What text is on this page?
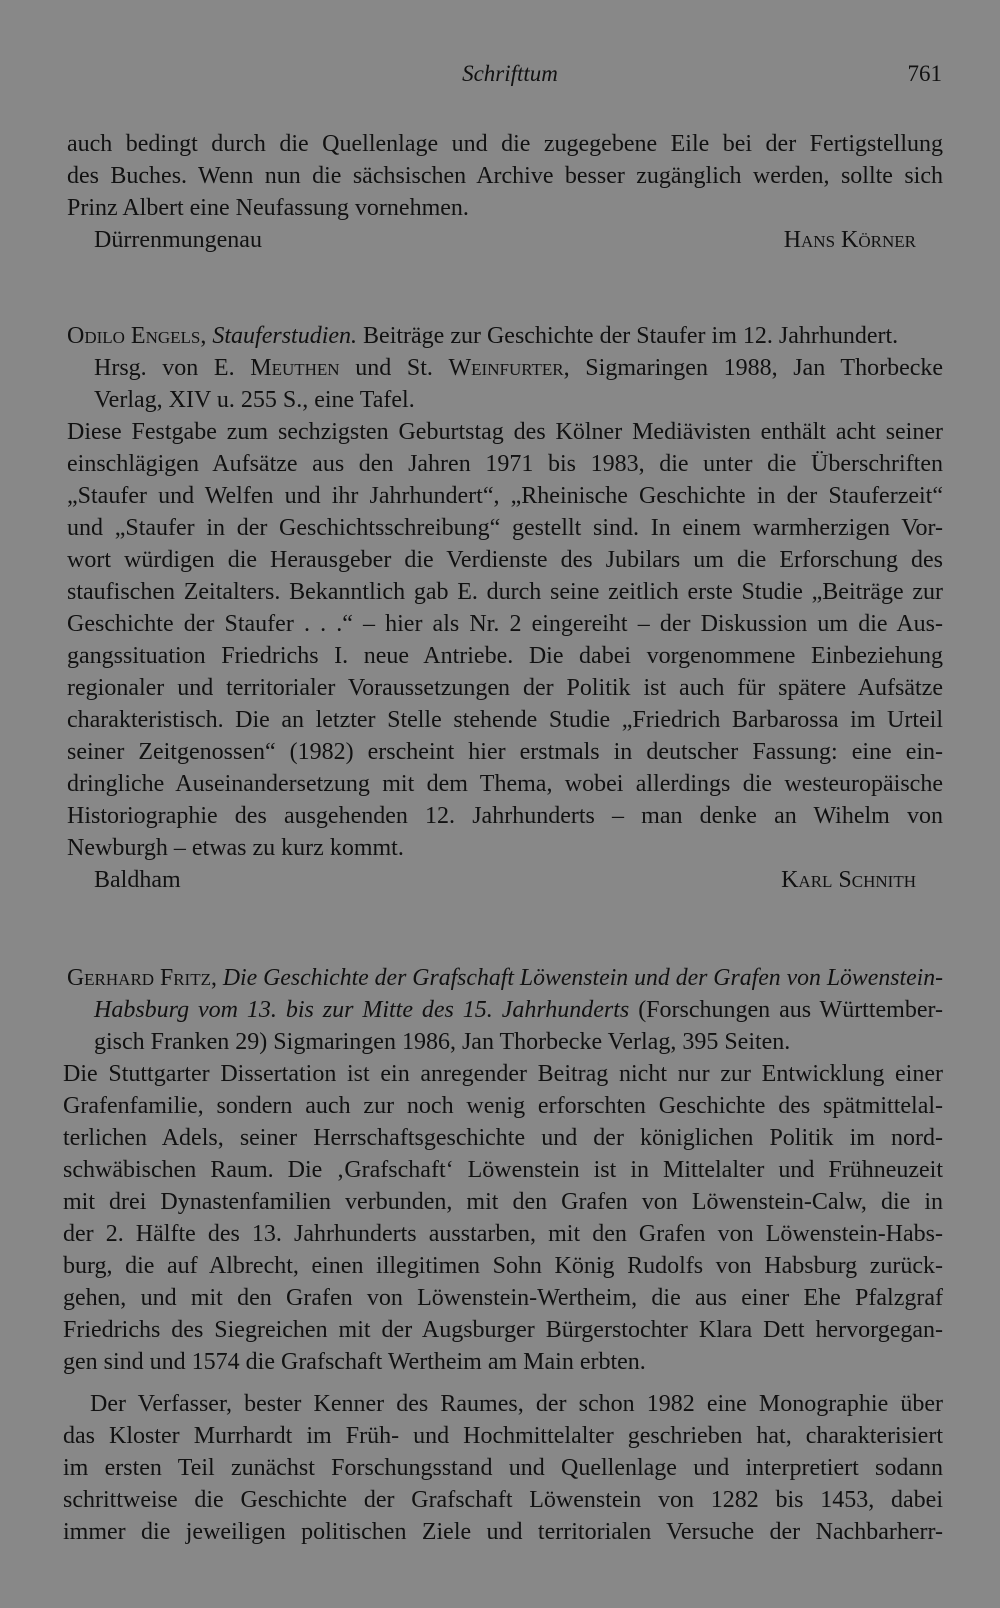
Schrifttum	761
auch bedingt durch die Quellenlage und die zugegebene Eile bei der Fertigstellung
des Buches. Wenn nun die sächsischen Archive besser zugänglich werden, sollte sich
Prinz Albert eine Neufassung vornehmen.
Dürrenmungenau	Hans Körner
Odilo Engels, Stauferstudien. Beiträge zur Geschichte der Staufer im 12. Jahrhundert.
Hrsg. von E. Meuthen und St. Weinfurter, Sigmaringen 1988, Jan Thorbecke
Verlag, XIV u. 255 S., eine Tafel.
Diese Festgabe zum sechzigsten Geburtstag des Kölner Mediävisten enthält acht seiner
einschlägigen Aufsätze aus den Jahren 1971 bis 1983, die unter die Überschriften
„Staufer und Welfen und ihr Jahrhundert“, „Rheinische Geschichte in der Stauferzeit“
und „Staufer in der Geschichtsschreibung“ gestellt sind. In einem warmherzigen Vor-
wort würdigen die Herausgeber die Verdienste des Jubilars um die Erforschung des
staufischen Zeitalters. Bekanntlich gab E. durch seine zeitlich erste Studie „Beiträge zur
Geschichte der Staufer . . .“ – hier als Nr. 2 eingereiht – der Diskussion um die Aus-
gangssituation Friedrichs I. neue Antriebe. Die dabei vorgenommene Einbeziehung
regionaler und territorialer Voraussetzungen der Politik ist auch für spätere Aufsätze
charakteristisch. Die an letzter Stelle stehende Studie „Friedrich Barbarossa im Urteil
seiner Zeitgenossen“ (1982) erscheint hier erstmals in deutscher Fassung: eine ein-
dringliche Auseinandersetzung mit dem Thema, wobei allerdings die westeuropäische
Historiographie des ausgehenden 12. Jahrhunderts – man denke an Wihelm von
Newburgh – etwas zu kurz kommt.
Baldham	Karl Schnith
Gerhard Fritz, Die Geschichte der Grafschaft Löwenstein und der Grafen von Löwenstein-
Habsburg vom 13. bis zur Mitte des 15. Jahrhunderts (Forschungen aus Württember-
gisch Franken 29) Sigmaringen 1986, Jan Thorbecke Verlag, 395 Seiten.
Die Stuttgarter Dissertation ist ein anregender Beitrag nicht nur zur Entwicklung einer
Grafenfamilie, sondern auch zur noch wenig erforschten Geschichte des spätmittelal-
terlichen Adels, seiner Herrschaftsgeschichte und der königlichen Politik im nord-
schwäbischen Raum. Die ‚Grafschaft‘ Löwenstein ist in Mittelalter und Frühneuzeit
mit drei Dynastenfamilien verbunden, mit den Grafen von Löwenstein-Calw, die in
der 2. Hälfte des 13. Jahrhunderts ausstarben, mit den Grafen von Löwenstein-Habs-
burg, die auf Albrecht, einen illegitimen Sohn König Rudolfs von Habsburg zurück-
gehen, und mit den Grafen von Löwenstein-Wertheim, die aus einer Ehe Pfalzgraf
Friedrichs des Siegreichen mit der Augsburger Bürgerstochter Klara Dett hervorgegan-
gen sind und 1574 die Grafschaft Wertheim am Main erbten.
Der Verfasser, bester Kenner des Raumes, der schon 1982 eine Monographie über
das Kloster Murrhardt im Früh- und Hochmittelalter geschrieben hat, charakterisiert
im ersten Teil zunächst Forschungsstand und Quellenlage und interpretiert sodann
schrittweise die Geschichte der Grafschaft Löwenstein von 1282 bis 1453, dabei
immer die jeweiligen politischen Ziele und territorialen Versuche der Nachbarherr-
